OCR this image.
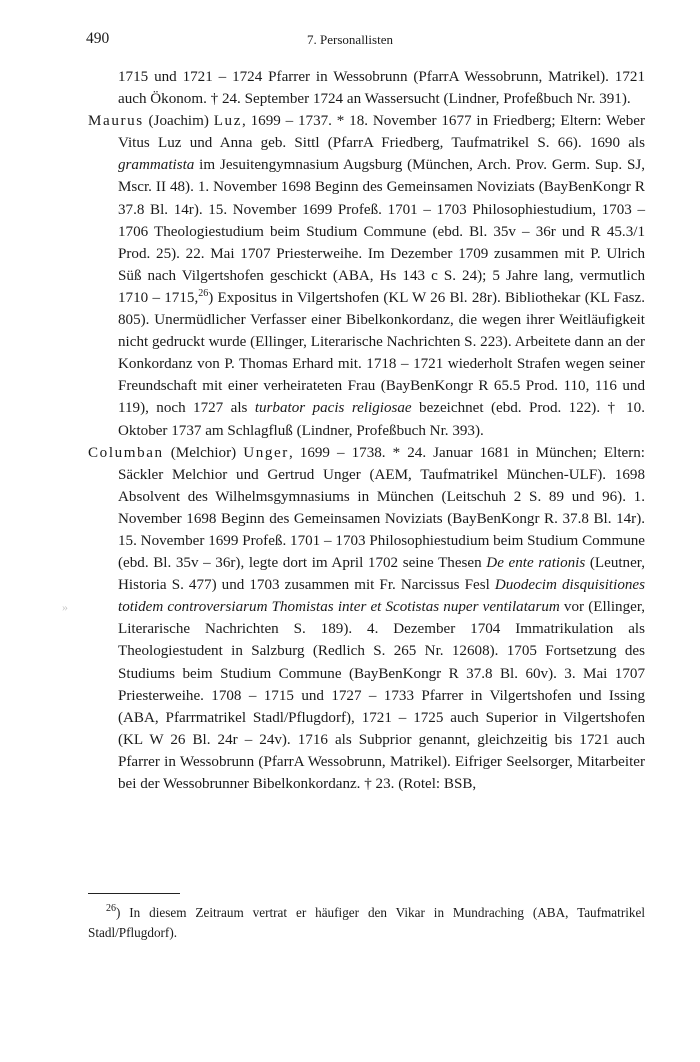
490	7. Personallisten

1715 und 1721 – 1724 Pfarrer in Wessobrunn (PfarrA Wessobrunn, Matrikel). 1721 auch Ökonom. † 24. September 1724 an Wassersucht (Lindner, Profeßbuch Nr. 391).

Maurus (Joachim) Luz, 1699 – 1737. * 18. November 1677 in Friedberg; Eltern: Weber Vitus Luz und Anna geb. Sittl (PfarrA Friedberg, Taufmatrikel S. 66). 1690 als grammatista im Jesuitengymnasium Augsburg (München, Arch. Prov. Germ. Sup. SJ, Mscr. II 48). 1. November 1698 Beginn des Gemeinsamen Noviziats (BayBenKongr R 37.8 Bl. 14r). 15. November 1699 Profeß. 1701 – 1703 Philosophiestudium, 1703 – 1706 Theologiestudium beim Studium Commune (ebd. Bl. 35v – 36r und R 45.3/1 Prod. 25). 22. Mai 1707 Priesterweihe. Im Dezember 1709 zusammen mit P. Ulrich Süß nach Vilgertshofen geschickt (ABA, Hs 143 c S. 24); 5 Jahre lang, vermutlich 1710 – 1715,26) Expositus in Vilgertshofen (KL W 26 Bl. 28r). Bibliothekar (KL Fasz. 805). Unermüdlicher Verfasser einer Bibelkonkordanz, die wegen ihrer Weitläufigkeit nicht gedruckt wurde (Ellinger, Literarische Nachrichten S. 223). Arbeitete dann an der Konkordanz von P. Thomas Erhard mit. 1718 – 1721 wiederholt Strafen wegen seiner Freundschaft mit einer verheirateten Frau (BayBenKongr R 65.5 Prod. 110, 116 und 119), noch 1727 als turbator pacis religiosae bezeichnet (ebd. Prod. 122). † 10. Oktober 1737 am Schlagfluß (Lindner, Profeßbuch Nr. 393).

Columban (Melchior) Unger, 1699 – 1738. * 24. Januar 1681 in München; Eltern: Säckler Melchior und Gertrud Unger (AEM, Taufmatrikel München-ULF). 1698 Absolvent des Wilhelmsgymnasiums in München (Leitschuh 2 S. 89 und 96). 1. November 1698 Beginn des Gemeinsamen Noviziats (BayBenKongr R. 37.8 Bl. 14r). 15. November 1699 Profeß. 1701 – 1703 Philosophiestudium beim Studium Commune (ebd. Bl. 35v – 36r), legte dort im April 1702 seine Thesen De ente rationis (Leutner, Historia S. 477) und 1703 zusammen mit Fr. Narcissus Fesl Duodecim disquisitiones totidem controversiarum Thomistas inter et Scotistas nuper ventilatarum vor (Ellinger, Literarische Nachrichten S. 189). 4. Dezember 1704 Immatrikulation als Theologiestudent in Salzburg (Redlich S. 265 Nr. 12608). 1705 Fortsetzung des Studiums beim Studium Commune (BayBenKongr R 37.8 Bl. 60v). 3. Mai 1707 Priesterweihe. 1708 – 1715 und 1727 – 1733 Pfarrer in Vilgertshofen und Issing (ABA, Pfarrmatrikel Stadl/Pflugdorf), 1721 – 1725 auch Superior in Vilgertshofen (KL W 26 Bl. 24r – 24v). 1716 als Subprior genannt, gleichzeitig bis 1721 auch Pfarrer in Wessobrunn (PfarrA Wessobrunn, Matrikel). Eifriger Seelsorger, Mitarbeiter bei der Wessobrunner Bibelkonkordanz. † 23. (Rotel: BSB,

»

$^{26}$) In diesem Zeitraum vertrat er häufiger den Vikar in Mundraching (ABA, Taufmatrikel Stadl/Pflugdorf).
